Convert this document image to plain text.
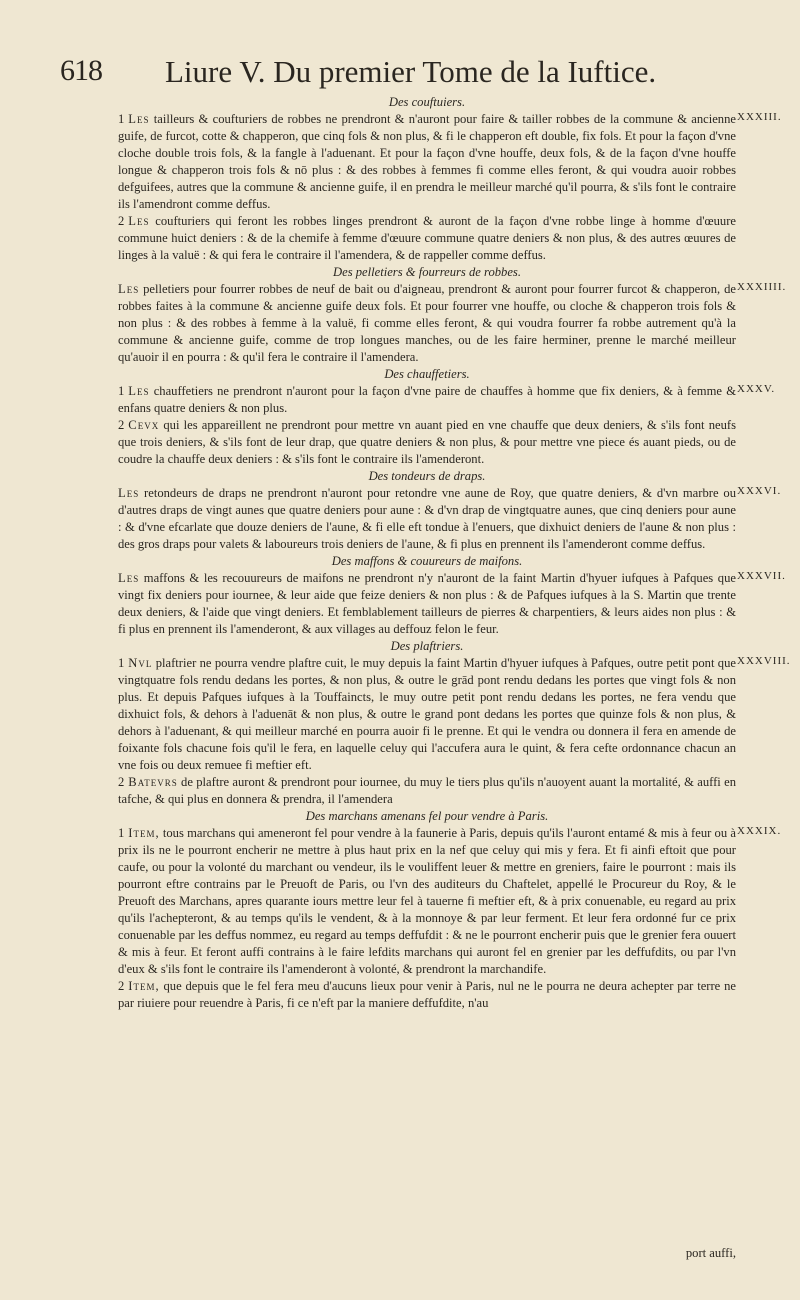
618 Liure V. Du premier Tome de la Iuftice.

Des couftuiers.

1 Les tailleurs & coufturiers de robbes ne prendront & n'auront pour faire & tailler robbes de la commune & ancienne guife, de furcot, cotte & chapperon, que cinq fols & non plus, & fi le chapperon eft double, fix fols. Et pour la façon d'vne cloche double trois fols, & la fangle à l'aduenant. Et pour la façon d'vne houffe, deux fols, & de la façon d'vne houffe longue & chapperon trois fols & nō plus : & des robbes à femmes fi comme elles feront, & qui voudra auoir robbes defguifees, autres que la commune & ancienne guife, il en prendra le meilleur marché qu'il pourra, & s'ils font le contraire ils l'amendront comme deffus.

2 Les coufturiers qui feront les robbes linges prendront & auront de la façon d'vne robbe linge à homme d'œuure commune huict deniers : & de la chemife à femme d'œuure commune quatre deniers & non plus, & des autres œuures de linges à la valuë : & qui fera le contraire il l'amendera, & de rappeller comme deffus.

Des pelletiers & fourreurs de robbes.

Les pelletiers pour fourrer robbes de neuf de bait ou d'aigneau, prendront & auront pour fourrer furcot & chapperon, de robbes faites à la commune & ancienne guife deux fols. Et pour fourrer vne houffe, ou cloche & chapperon trois fols & non plus : & des robbes à femme à la valuë, fi comme elles feront, & qui voudra fourrer fa robbe autrement qu'à la commune & ancienne guife, comme de trop longues manches, ou de les faire herminer, prenne le marché meilleur qu'auoir il en pourra : & qu'il fera le contraire il l'amendera.

Des chauffetiers.

1 Les chauffetiers ne prendront n'auront pour la façon d'vne paire de chauffes à homme que fix deniers, & à femme & enfans quatre deniers & non plus.

2 Cevx qui les appareillent ne prendront pour mettre vn auant pied en vne chauffe que deux deniers, & s'ils font neufs que trois deniers, & s'ils font de leur drap, que quatre deniers & non plus, & pour mettre vne piece és auant pieds, ou de coudre la chauffe deux deniers : & s'ils font le contraire ils l'amenderont.

Des tondeurs de draps.

Les retondeurs de draps ne prendront n'auront pour retondre vne aune de Roy, que quatre deniers, & d'vn marbre ou d'autres draps de vingt aunes que quatre deniers pour aune : & d'vn drap de vingtquatre aunes, que cinq deniers pour aune : & d'vne efcarlate que douze deniers de l'aune, & fi elle eft tondue à l'enuers, que dixhuict deniers de l'aune & non plus : des gros draps pour valets & laboureurs trois deniers de l'aune, & fi plus en prennent ils l'amenderont comme deffus.

Des maffons & couureurs de maifons.

Les maffons & les recouureurs de maifons ne prendront n'y n'auront de la faint Martin d'hyuer iufques à Pafques que vingt fix deniers pour iournee, & leur aide que feize deniers & non plus : & de Pafques iufques à la S. Martin que trente deux deniers, & l'aide que vingt deniers. Et femblablement tailleurs de pierres & charpentiers, & leurs aides non plus : & fi plus en prennent ils l'amenderont, & aux villages au deffouz felon le feur.

Des plaftriers.

1 Nvl plaftrier ne pourra vendre plaftre cuit, le muy depuis la faint Martin d'hyuer iufques à Pafques, outre petit pont que vingtquatre fols rendu dedans les portes, & non plus, & outre le grād pont rendu dedans les portes que vingt fols & non plus. Et depuis Pafques iufques à la Touffaincts, le muy outre petit pont rendu dedans les portes, ne fera vendu que dixhuict fols, & dehors à l'aduenāt & non plus, & outre le grand pont dedans les portes que quinze fols & non plus, & dehors à l'aduenant, & qui meilleur marché en pourra auoir fi le prenne. Et qui le vendra ou donnera il fera en amende de foixante fols chacune fois qu'il le fera, en laquelle celuy qui l'accufera aura le quint, & fera cefte ordonnance chacun an vne fois ou deux remuee fi meftier eft.

2 Batevrs de plaftre auront & prendront pour iournee, du muy le tiers plus qu'ils n'auoyent auant la mortalité, & auffi en tafche, & qui plus en donnera & prendra, il l'amendera

Des marchans amenans fel pour vendre à Paris.

1 Item, tous marchans qui ameneront fel pour vendre à la faunerie à Paris, depuis qu'ils l'auront entamé & mis à feur ou à prix ils ne le pourront encherir ne mettre à plus haut prix en la nef que celuy qui mis y fera. Et fi ainfi eftoit que pour caufe, ou pour la volonté du marchant ou vendeur, ils le vouliffent leuer & mettre en greniers, faire le pourront : mais ils pourront eftre contrains par le Preuoft de Paris, ou l'vn des auditeurs du Chaftelet, appellé le Procureur du Roy, & le Preuoft des Marchans, apres quarante iours mettre leur fel à tauerne fi meftier eft, & à prix conuenable, eu regard au prix qu'ils l'achepteront, & au temps qu'ils le vendent, & à la monnoye & par leur ferment. Et leur fera ordonné fur ce prix conuenable par les deffus nommez, eu regard au temps deffufdit : & ne le pourront encherir puis que le grenier fera ouuert & mis à feur. Et feront auffi contrains à le faire lefdits marchans qui auront fel en grenier par les deffufdits, ou par l'vn d'eux & s'ils font le contraire ils l'amenderont à volonté, & prendront la marchandife.

2 Item, que depuis que le fel fera meu d'aucuns lieux pour venir à Paris, nul ne le pourra ne deura achepter par terre ne par riuiere pour reuendre à Paris, fi ce n'eft par la maniere deffufdite, n'au

XXXIII.
XXXIIII.
XXXV.
XXXVI.
XXXVII.
XXXVIII.
XXXIX.
port auffi,
